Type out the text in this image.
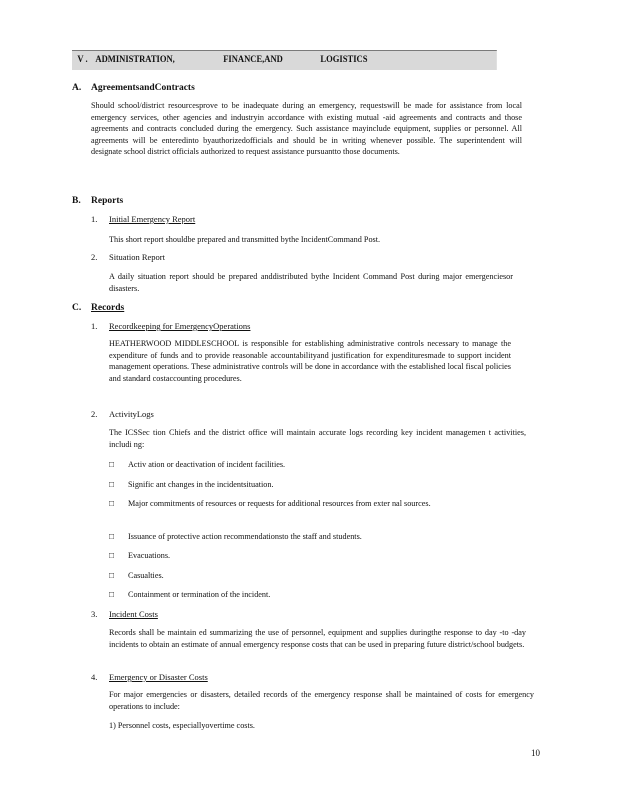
V . ADMINISTRATION,	FINANCE,AND	LOGISTICS
A. AgreementsandContracts
Should school/district resourcesprove to be inadequate during an emergency, requestswill be made for assistance from local emergency services, other agencies and industryin accordance with existing mutual -aid agreements and contracts and those agreements and contracts concluded during the emergency. Such assistance mayinclude equipment, supplies or personnel. All agreements will be enteredinto byauthorizedofficials and should be in writing whenever possible. The superintendent will designate school district officials authorized to request assistance pursuantto those documents.
B. Reports
1. Initial Emergency Report
This short report shouldbe prepared and transmitted bythe IncidentCommand Post.
2. Situation Report
A daily situation report should be prepared anddistributed bythe Incident Command Post during major emergenciesor disasters.
C. Records
1. Recordkeeping for EmergencyOperations
HEATHERWOOD MIDDLESCHOOL is responsible for establishing administrative controls necessary to manage the expenditure of funds and to provide reasonable accountabilityand justification for expendituresmade to support incident management operations. These administrative controls will be done in accordance with the established local fiscal policies and standard costaccounting procedures.
2. ActivityLogs
The ICSSec tion Chiefs and the district office will maintain accurate logs recording key incident managemen t activities, includi ng:
□ Activ ation or deactivation of incident facilities.
□ Signific ant changes in the incidentsituation.
□ Major commitments of resources or requests for additional resources from exter nal sources.
□ Issuance of protective action recommendationsto the staff and students.
□ Evacuations.
□ Casualties.
□ Containment or termination of the incident.
3. Incident Costs
Records shall be maintain ed summarizing the use of personnel, equipment and supplies duringthe response to day -to -day incidents to obtain an estimate of annual emergency response costs that can be used in preparing future district/school budgets.
4. Emergency or Disaster Costs
For major emergencies or disasters, detailed records of the emergency response shall be maintained of costs for emergency operations to include:
1) Personnel costs, especiallyovertime costs.
10
